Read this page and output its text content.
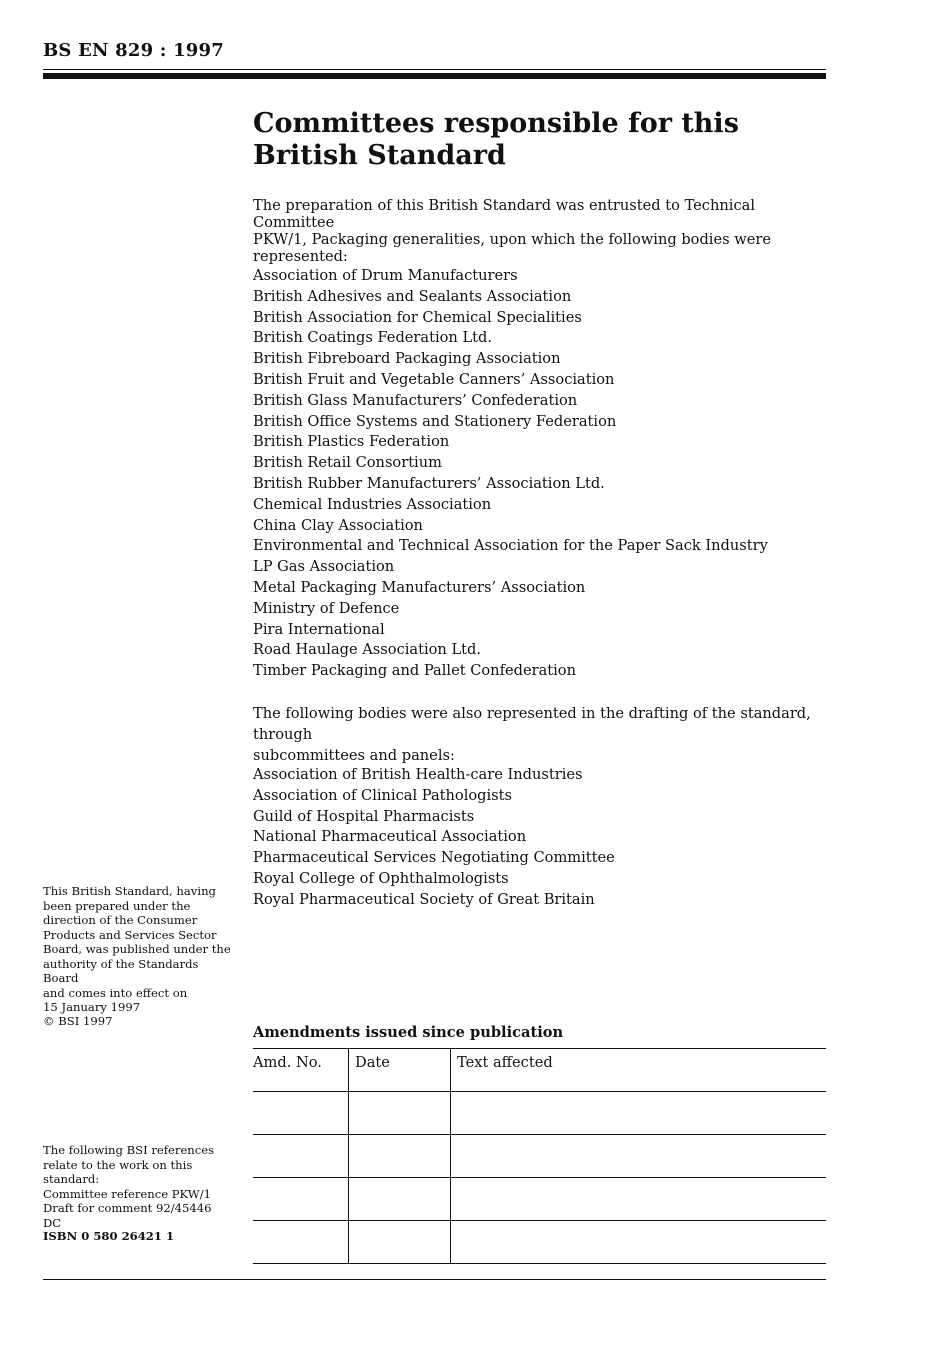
BS EN 829 : 1997
Committees responsible for this
British Standard
The preparation of this British Standard was entrusted to Technical Committee
PKW/1, Packaging generalities, upon which the following bodies were represented:
Association of Drum Manufacturers
British Adhesives and Sealants Association
British Association for Chemical Specialities
British Coatings Federation Ltd.
British Fibreboard Packaging Association
British Fruit and Vegetable Canners’ Association
British Glass Manufacturers’ Confederation
British Office Systems and Stationery Federation
British Plastics Federation
British Retail Consortium
British Rubber Manufacturers’ Association Ltd.
Chemical Industries Association
China Clay Association
Environmental and Technical Association for the Paper Sack Industry
LP Gas Association
Metal Packaging Manufacturers’ Association
Ministry of Defence
Pira International
Road Haulage Association Ltd.
Timber Packaging and Pallet Confederation
The following bodies were also represented in the drafting of the standard, through
subcommittees and panels:
Association of British Health-care Industries
Association of Clinical Pathologists
Guild of Hospital Pharmacists
National Pharmaceutical Association
Pharmaceutical Services Negotiating Committee
Royal College of Ophthalmologists
Royal Pharmaceutical Society of Great Britain
This British Standard, having
been prepared under the
direction of the Consumer
Products and Services Sector
Board, was published under the
authority of the Standards Board
and comes into effect on
15 January 1997
© BSI 1997
The following BSI references
relate to the work on this
standard:
Committee reference PKW/1
Draft for comment 92/45446 DC
ISBN 0 580 26421 1
Amendments issued since publication
Amd. No.	Date	Text affected
